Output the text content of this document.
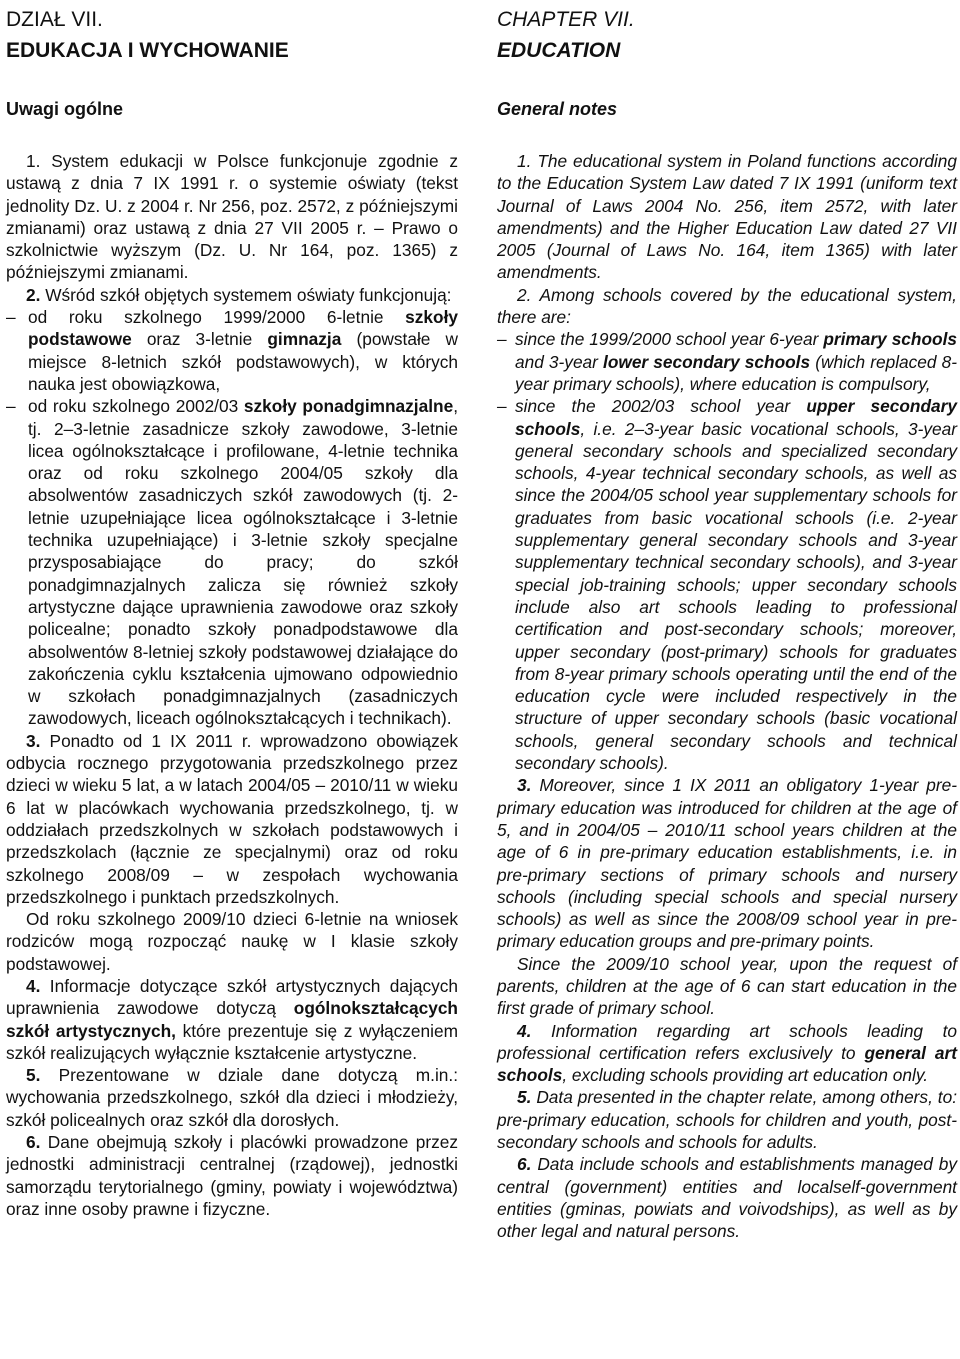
DZIAŁ VII.
EDUKACJA I WYCHOWANIE
Uwagi ogólne

1. System edukacji w Polsce funkcjonuje zgodnie z ustawą z dnia 7 IX 1991 r. o systemie oświaty (tekst jednolity Dz. U. z 2004 r. Nr 256, poz. 2572, z późniejszymi zmianami) oraz ustawą z dnia 27 VII 2005 r. – Prawo o szkolnictwie wyższym (Dz. U. Nr 164, poz. 1365) z późniejszymi zmianami.

2. Wśród szkół objętych systemem oświaty funkcjonują:

– od roku szkolnego 1999/2000 6-letnie szkoły podstawowe oraz 3-letnie gimnazja (powstałe w miejsce 8-letnich szkół podstawowych), w których nauka jest obowiązkowa,

– od roku szkolnego 2002/03 szkoły ponadgimnazjalne, tj. 2–3-letnie zasadnicze szkoły zawodowe, 3-letnie licea ogólnokształcące i profilowane, 4-letnie technika oraz od roku szkolnego 2004/05 szkoły dla absolwentów zasadniczych szkół zawodowych (tj. 2-letnie uzupełniające licea ogólnokształcące i 3-letnie technika uzupełniające) i 3-letnie szkoły specjalne przysposabiające do pracy; do szkół ponadgimnazjalnych zalicza się również szkoły artystyczne dające uprawnienia zawodowe oraz szkoły policealne; ponadto szkoły ponadpodstawowe dla absolwentów 8-letniej szkoły podstawowej działające do zakończenia cyklu kształcenia ujmowano odpowiednio w szkołach ponadgimnazjalnych (zasadniczych zawodowych, liceach ogólnokształcących i technikach).

3. Ponadto od 1 IX 2011 r. wprowadzono obowiązek odbycia rocznego przygotowania przedszkolnego przez dzieci w wieku 5 lat, a w latach 2004/05 – 2010/11 w wieku 6 lat w placówkach wychowania przedszkolnego, tj. w oddziałach przedszkolnych w szkołach podstawowych i przedszkolach (łącznie ze specjalnymi) oraz od roku szkolnego 2008/09 – w zespołach wychowania przedszkolnego i punktach przedszkolnych.

Od roku szkolnego 2009/10 dzieci 6-letnie na wniosek rodziców mogą rozpocząć naukę w I klasie szkoły podstawowej.

4. Informacje dotyczące szkół artystycznych dających uprawnienia zawodowe dotyczą ogólnokształcących szkół artystycznych, które prezentuje się z wyłączeniem szkół realizujących wyłącznie kształcenie artystyczne.

5. Prezentowane w dziale dane dotyczą m.in.: wychowania przedszkolnego, szkół dla dzieci i młodzieży, szkół policealnych oraz szkół dla dorosłych.

6. Dane obejmują szkoły i placówki prowadzone przez jednostki administracji centralnej (rządowej), jednostki samorządu terytorialnego (gminy, powiaty i województwa) oraz inne osoby prawne i fizyczne.

CHAPTER VII.
EDUCATION
General notes

1. The educational system in Poland functions according to the Education System Law dated 7 IX 1991 (uniform text Journal of Laws 2004 No. 256, item 2572, with later amendments) and the Higher Education Law dated 27 VII 2005 (Journal of Laws No. 164, item 1365) with later amendments.

2. Among schools covered by the educational system, there are:

– since the 1999/2000 school year 6-year primary schools and 3-year lower secondary schools (which replaced 8-year primary schools), where education is compulsory,

– since the 2002/03 school year upper secondary schools, i.e. 2–3-year basic vocational schools, 3-year general secondary schools and specialized secondary schools, 4-year technical secondary schools, as well as since the 2004/05 school year supplementary schools for graduates from basic vocational schools (i.e. 2-year supplementary general secondary schools and 3-year supplementary technical secondary schools), and 3-year special job-training schools; upper secondary schools include also art schools leading to professional certification and post-secondary schools; moreover, upper secondary (post-primary) schools for graduates from 8-year primary schools operating until the end of the education cycle were included respectively in the structure of upper secondary schools (basic vocational schools, general secondary schools and technical secondary schools).

3. Moreover, since 1 IX 2011 an obligatory 1-year pre-primary education was introduced for children at the age of 5, and in 2004/05 – 2010/11 school years children at the age of 6 in pre-primary education establishments, i.e. in pre-primary sections of primary schools and nursery schools (including special schools and special nursery schools) as well as since the 2008/09 school year in pre-primary education groups and pre-primary points.

Since the 2009/10 school year, upon the request of parents, children at the age of 6 can start education in the first grade of primary school.

4. Information regarding art schools leading to professional certification refers exclusively to general art schools, excluding schools providing art education only.

5. Data presented in the chapter relate, among others, to: pre-primary education, schools for children and youth, post-secondary schools and schools for adults.

6. Data include schools and establishments managed by central (government) entities and localself-government entities (gminas, powiats and voivodships), as well as by other legal and natural persons.
